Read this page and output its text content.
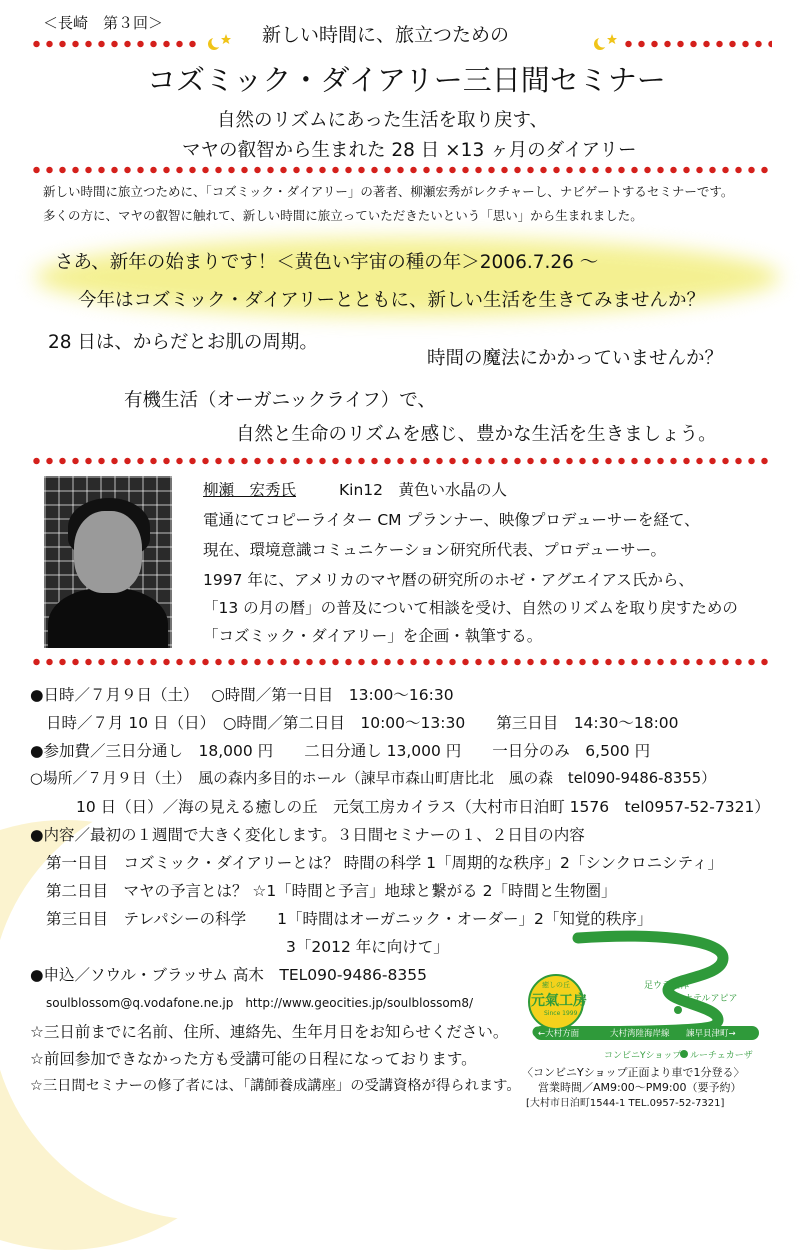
＜長崎　第３回＞
新しい時間に、旅立つための
コズミック・ダイアリー三日間セミナー
自然のリズムにあった生活を取り戻す、
マヤの叡智から生まれた 28 日 ×13 ヶ月のダイアリー
新しい時間に旅立つために、「コズミック・ダイアリー」の著者、柳瀬宏秀がレクチャーし、ナビゲートするセミナーです。
多くの方に、マヤの叡智に触れて、新しい時間に旅立っていただきたいという「思い」から生まれました。
さあ、新年の始まりです！＜黄色い宇宙の種の年＞2006.7.26 ～
今年はコズミック・ダイアリーとともに、新しい生活を生きてみませんか？
28 日は、からだとお肌の周期。
時間の魔法にかかっていませんか？
有機生活（オーガニックライフ）で、
自然と生命のリズムを感じ、豊かな生活を生きましょう。
柳瀬　宏秀氏	Kin12　黄色い水晶の人
電通にてコピーライター CM プランナー、映像プロデューサーを経て、
現在、環境意識コミュニケーション研究所代表、プロデューサー。
1997 年に、アメリカのマヤ暦の研究所のホゼ・アグエイアス氏から、
「13 の月の暦」の普及について相談を受け、自然のリズムを取り戻すための
「コズミック・ダイアリー」を企画・執筆する。
●日時／７月９日（土）　 ○時間／第一日目　13:00～16:30
日時／７月 10 日（日）　○時間／第二日目　10:00～13:30　　第三日目　14:30～18:00
●参加費／三日分通し　18,000 円　　二日分通し 13,000 円　　一日分のみ　6,500 円
○場所／７月９日（土）　風の森内多目的ホール（諫早市森山町唐比北　風の森　tel090-9486-8355）
10 日（日）／海の見える癒しの丘　元気工房カイラス（大村市日泊町 1576　tel0957-52-7321）
●内容／最初の１週間で大きく変化します。３日間セミナーの１、２日目の内容
第一日目　コズミック・ダイアリーとは？ 時間の科学 1「周期的な秩序」2「シンクロニシティ」
第二日目　マヤの予言とは？ ☆1「時間と予言」地球と繋がる 2「時間と生物圏」
第三日目　テレパシーの科学　　1「時間はオーガニック・オーダー」2「知覚的秩序」
3「2012 年に向けて」
●申込／ソウル・ブラッサム 高木　TEL090-9486-8355
soulblossom@q.vodafone.ne.jp　http://www.geocities.jp/soulblossom8/
☆三日前までに名前、住所、連絡先、生年月日をお知らせください。
☆前回参加できなかった方も受講可能の日程になっております。
☆三日間セミナーの修了者には、「講師養成講座」の受講資格が得られます。
癒しの丘
元氣工房
Since 1999
足ウラ整体
ホテルアピア
←大村方面	大村湾陸海岸線 諫早貝津町→
コンビニYショップ ルーチェカーザ
〈コンビニYショップ正面より車で1分登る〉
営業時間／AM9:00～PM9:00（要予約）
[大村市日泊町1544-1 TEL.0957-52-7321]
